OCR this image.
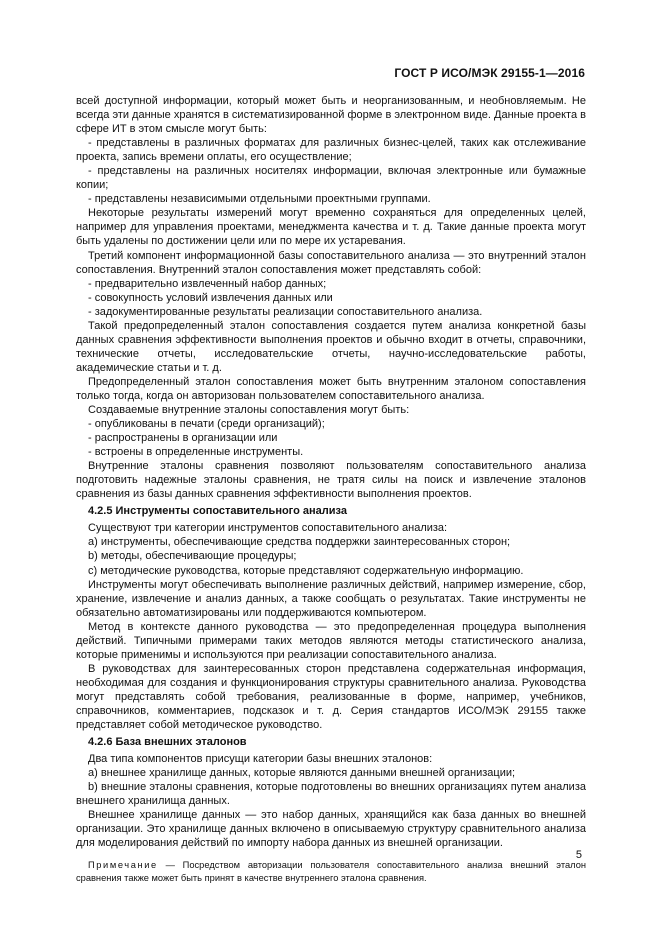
ГОСТ Р ИСО/МЭК 29155-1—2016

всей доступной информации, который может быть и неорганизованным, и необновляемым. Не всегда эти данные хранятся в систематизированной форме в электронном виде. Данные проекта в сфере ИТ в этом смысле могут быть:

- представлены в различных форматах для различных бизнес-целей, таких как отслеживание проекта, запись времени оплаты, его осуществление;

- представлены на различных носителях информации, включая электронные или бумажные копии;

- представлены независимыми отдельными проектными группами.

Некоторые результаты измерений могут временно сохраняться для определенных целей, например для управления проектами, менеджмента качества и т. д. Такие данные проекта могут быть удалены по достижении цели или по мере их устаревания.

Третий компонент информационной базы сопоставительного анализа — это внутренний эталон сопоставления. Внутренний эталон сопоставления может представлять собой:

- предварительно извлеченный набор данных;

- совокупность условий извлечения данных или

- задокументированные результаты реализации сопоставительного анализа.

Такой предопределенный эталон сопоставления создается путем анализа конкретной базы данных сравнения эффективности выполнения проектов и обычно входит в отчеты, справочники, технические отчеты, исследовательские отчеты, научно-исследовательские работы, академические статьи и т. д.

Предопределенный эталон сопоставления может быть внутренним эталоном сопоставления только тогда, когда он авторизован пользователем сопоставительного анализа.

Создаваемые внутренние эталоны сопоставления могут быть:

- опубликованы в печати (среди организаций);

- распространены в организации или

- встроены в определенные инструменты.

Внутренние эталоны сравнения позволяют пользователям сопоставительного анализа подготовить надежные эталоны сравнения, не тратя силы на поиск и извлечение эталонов сравнения из базы данных сравнения эффективности выполнения проектов.

4.2.5 Инструменты сопоставительного анализа

Существуют три категории инструментов сопоставительного анализа:

a) инструменты, обеспечивающие средства поддержки заинтересованных сторон;

b) методы, обеспечивающие процедуры;

c) методические руководства, которые представляют содержательную информацию.

Инструменты могут обеспечивать выполнение различных действий, например измерение, сбор, хранение, извлечение и анализ данных, а также сообщать о результатах. Такие инструменты не обязательно автоматизированы или поддерживаются компьютером.

Метод в контексте данного руководства — это предопределенная процедура выполнения действий. Типичными примерами таких методов являются методы статистического анализа, которые применимы и используются при реализации сопоставительного анализа.

В руководствах для заинтересованных сторон представлена содержательная информация, необходимая для создания и функционирования структуры сравнительного анализа. Руководства могут представлять собой требования, реализованные в форме, например, учебников, справочников, комментариев, подсказок и т. д. Серия стандартов ИСО/МЭК 29155 также представляет собой методическое руководство.

4.2.6 База внешних эталонов

Два типа компонентов присущи категории базы внешних эталонов:

a) внешнее хранилище данных, которые являются данными внешней организации;

b) внешние эталоны сравнения, которые подготовлены во внешних организациях путем анализа внешнего хранилища данных.

Внешнее хранилище данных — это набор данных, хранящийся как база данных во внешней организации. Это хранилище данных включено в описываемую структуру сравнительного анализа для моделирования действий по импорту набора данных из внешней организации.

Примечание — Посредством авторизации пользователя сопоставительного анализа внешний эталон сравнения также может быть принят в качестве внутреннего эталона сравнения.

5
